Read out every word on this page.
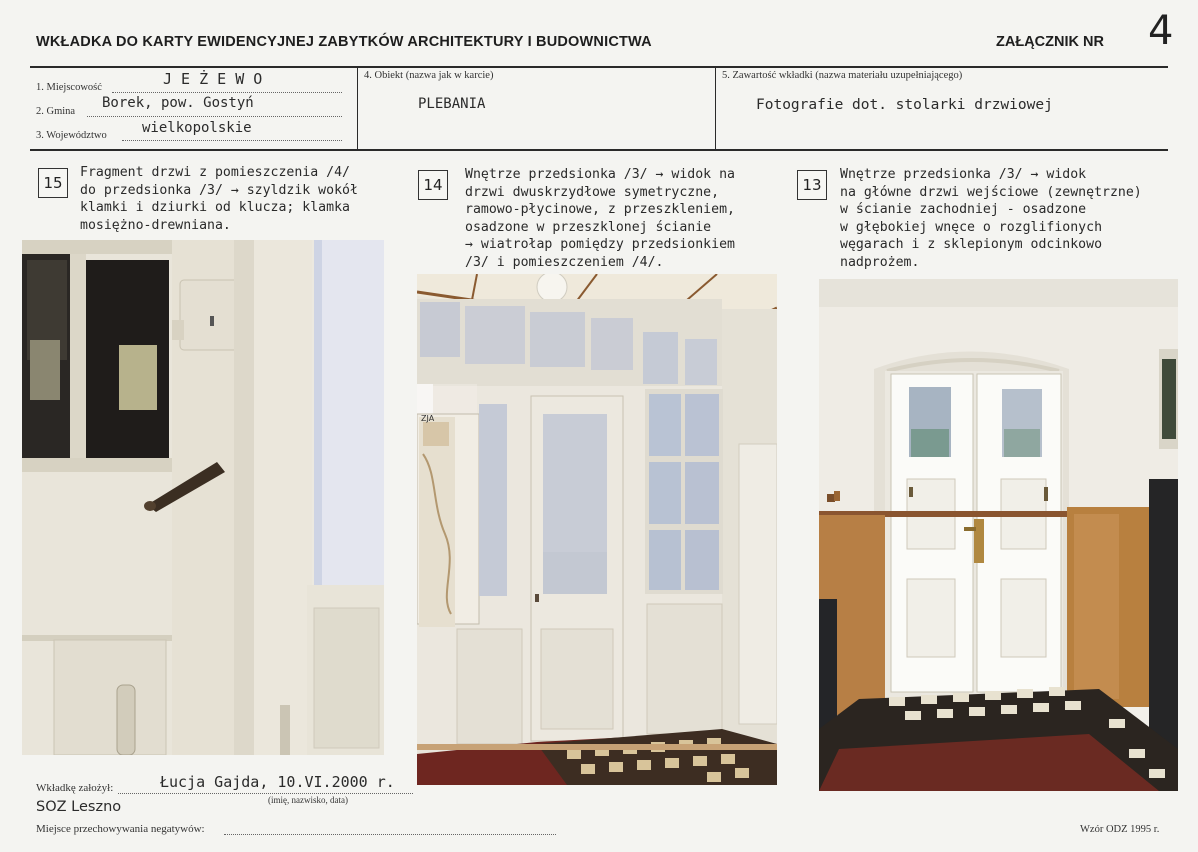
WKŁADKA DO KARTY EWIDENCYJNEJ ZABYTKÓW ARCHITEKTURY I BUDOWNICTWA	ZAŁĄCZNIK NR 4
1. Miejscowość	J E Ż E W O
2. Gmina
Borek, pow. Gostyń
3. Województwo	wielkopolskie
4. Obiekt (nazwa jak w karcie)
PLEBANIA
5. Zawartość wkładki (nazwa materiału uzupełniającego)
Fotografie dot. stolarki drzwiowej
15
Fragment drzwi z pomieszczenia /4/
do przedsionka /3/ → szyldzik wokół
klamki i dziurki od klucza; klamka
mosiężno-drewniana.
14
Wnętrze przedsionka /3/ → widok na
drzwi dwuskrzydłowe symetryczne,
ramowo-płycinowe, z przeszkleniem,
osadzone w przeszklonej ścianie
→ wiatrołap pomiędzy przedsionkiem
/3/ i pomieszczeniem /4/.
13
Wnętrze przedsionka /3/ → widok
na główne drzwi wejściowe (zewnętrzne)
w ścianie zachodniej - osadzone
w głębokiej wnęce o rozglifionych
węgarach i z sklepionym odcinkowo
nadprożem.
ZJA
Wkładkę założył:	Łucja Gajda, 10.VI.2000 r.
(imię, nazwisko, data)
SOZ Leszno
Miejsce przechowywania negatywów:	Wzór ODZ 1995 r.
